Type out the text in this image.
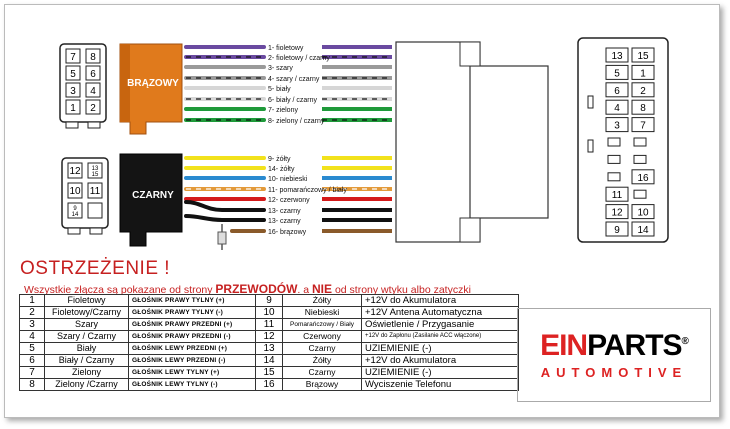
7 8
5 6
3 4
1 2
BRĄZOWY
12 13 15
10 11
9 14
CZARNY
1- fioletowy
2- fioletowy / czarny
3- szary
4- szary / czarny
5- biały
6- biały / czarny
7- zielony
8- zielony / czarny
9- żółty
14- żółty
10- niebieski
11- pomarańczowy / biały
12- czerwony
13- czarny
13- czarny
16- brązowy
13 15
5 1
6 2
4 8
3 7
16
11
12 10
9 14
OSTRZEŻENIE !
Wszystkie złącza są pokazane od strony PRZEWODÓW. a NIE od strony wtyku albo zatyczki
1	Fioletowy	GŁOŚNIK PRAWY TYLNY (+)	9	Żółty	+12V do Akumulatora
2	Fioletowy/Czarny	GŁOŚNIK PRAWY TYLNY (-)	10	Niebieski	+12V Antena Automatyczna
3	Szary	GŁOŚNIK PRAWY PRZEDNI (+)	11	Pomarańczowy / Biały	Oświetlenie / Przygasanie
4	Szary / Czarny	GŁOŚNIK PRAWY PRZEDNI (-)	12	Czerwony	+12V do Zapłonu (Zasilanie ACC włączone)
5	Biały	GŁOŚNIK LEWY PRZEDNI (+)	13	Czarny	UZIEMIENIE (-)
6	Biały / Czarny	GŁOŚNIK LEWY PRZEDNI (-)	14	Żółty	+12V do Akumulatora
7	Zielony	GŁOŚNIK LEWY TYLNY (+)	15	Czarny	UZIEMIENIE (-)
8	Zielony /Czarny	GŁOŚNIK LEWY TYLNY (-)	16	Brązowy	Wyciszenie Telefonu
EINPARTS®
AUTOMOTIVE
